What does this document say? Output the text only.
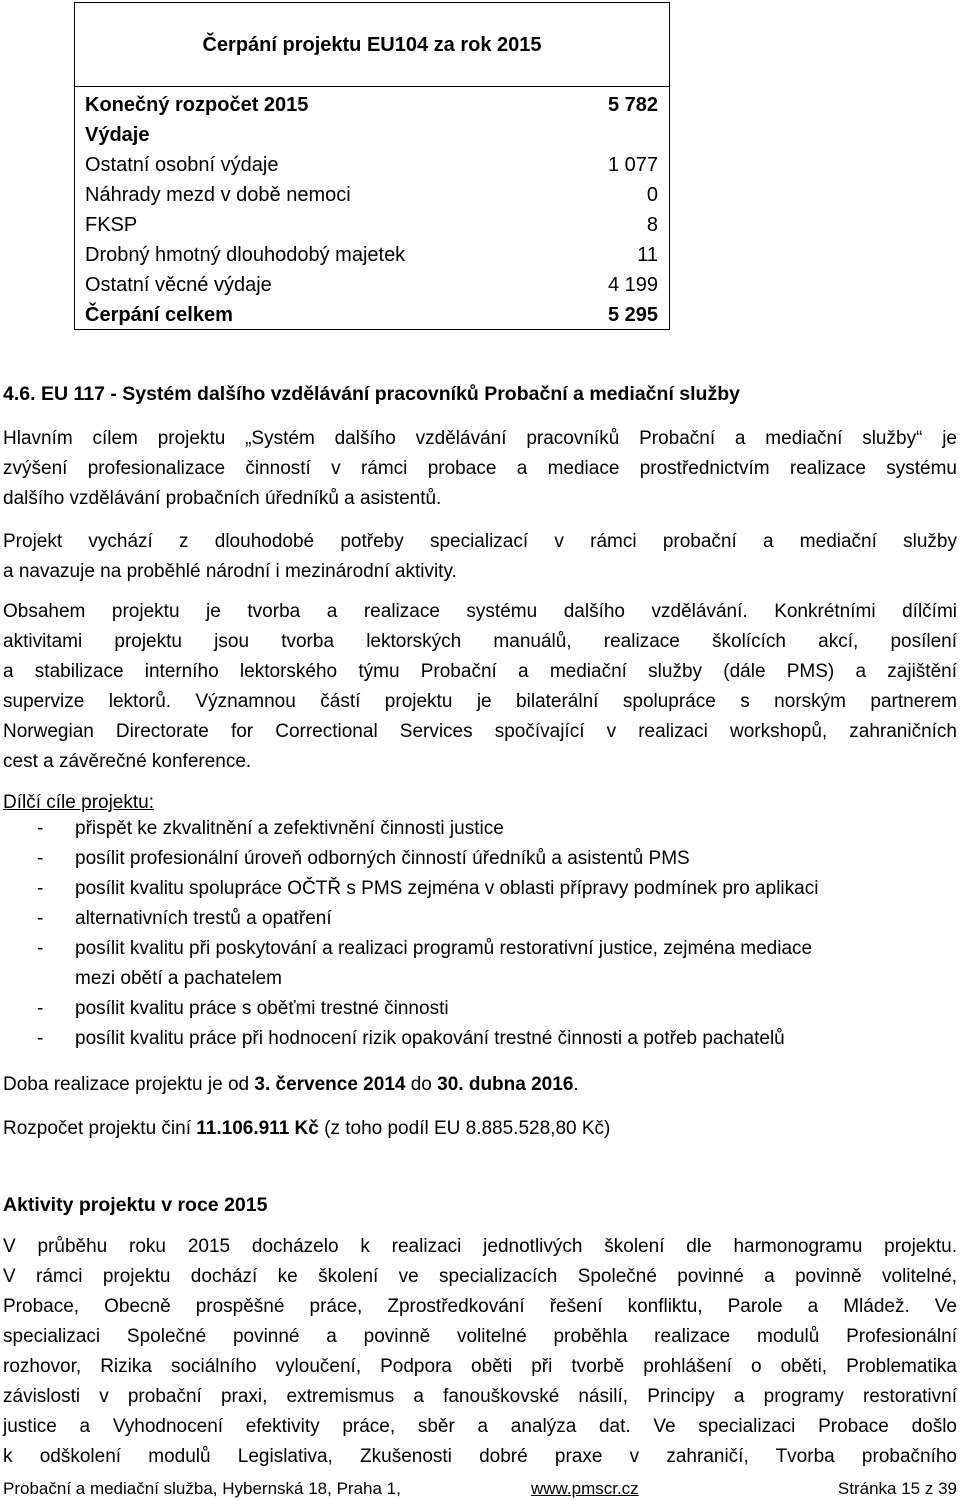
Čerpání projektu EU104 za rok 2015
Konečný rozpočet 2015	5 782
Výdaje
Ostatní osobní výdaje	1 077
Náhrady mezd v době nemoci	0
FKSP	8
Drobný hmotný dlouhodobý majetek	11
Ostatní věcné výdaje	4 199
Čerpání celkem	5 295
4.6. EU 117 - Systém dalšího vzdělávání pracovníků Probační a mediační služby
Hlavním cílem projektu „Systém dalšího vzdělávání pracovníků Probační a mediační služby“ je
zvýšení profesionalizace činností v rámci probace a mediace prostřednictvím realizace systému
dalšího vzdělávání probačních úředníků a asistentů.
Projekt vychází z dlouhodobé potřeby specializací v rámci probační a mediační služby
a navazuje na proběhlé národní i mezinárodní aktivity.
Obsahem projektu je tvorba a realizace systému dalšího vzdělávání. Konkrétními dílčími
aktivitami projektu jsou tvorba lektorských manuálů, realizace školících akcí, posílení
a stabilizace interního lektorského týmu Probační a mediační služby (dále PMS) a zajištění
supervize lektorů. Významnou částí projektu je bilaterální spolupráce s norským partnerem
Norwegian Directorate for Correctional Services spočívající v realizaci workshopů, zahraničních
cest a závěrečné konference.
Dílčí cíle projektu:
- přispět ke zkvalitnění a zefektivnění činnosti justice
- posílit profesionální úroveň odborných činností úředníků a asistentů PMS
- posílit kvalitu spolupráce OČTŘ s PMS zejména v oblasti přípravy podmínek pro aplikaci
- alternativních trestů a opatření
- posílit kvalitu při poskytování a realizaci programů restorativní justice, zejména mediace
mezi obětí a pachatelem
- posílit kvalitu práce s oběťmi trestné činnosti
- posílit kvalitu práce při hodnocení rizik opakování trestné činnosti a potřeb pachatelů
Doba realizace projektu je od 3. července 2014 do 30. dubna 2016.
Rozpočet projektu činí 11.106.911 Kč (z toho podíl EU 8.885.528,80 Kč)
Aktivity projektu v roce 2015
V průběhu roku 2015 docházelo k realizaci jednotlivých školení dle harmonogramu projektu.
V rámci projektu dochází ke školení ve specializacích Společné povinné a povinně volitelné,
Probace, Obecně prospěšné práce, Zprostředkování řešení konfliktu, Parole a Mládež. Ve
specializaci Společné povinné a povinně volitelné proběhla realizace modulů Profesionální
rozhovor, Rizika sociálního vyloučení, Podpora oběti při tvorbě prohlášení o oběti, Problematika
závislosti v probační praxi, extremismus a fanouškovské násilí, Principy a programy restorativní
justice a Vyhodnocení efektivity práce, sběr a analýza dat. Ve specializaci Probace došlo
k odškolení modulů Legislativa, Zkušenosti dobré praxe v zahraničí, Tvorba probačního
Probační a mediační služba, Hybernská 18, Praha 1,	www.pmscr.cz	Stránka 15 z 39
